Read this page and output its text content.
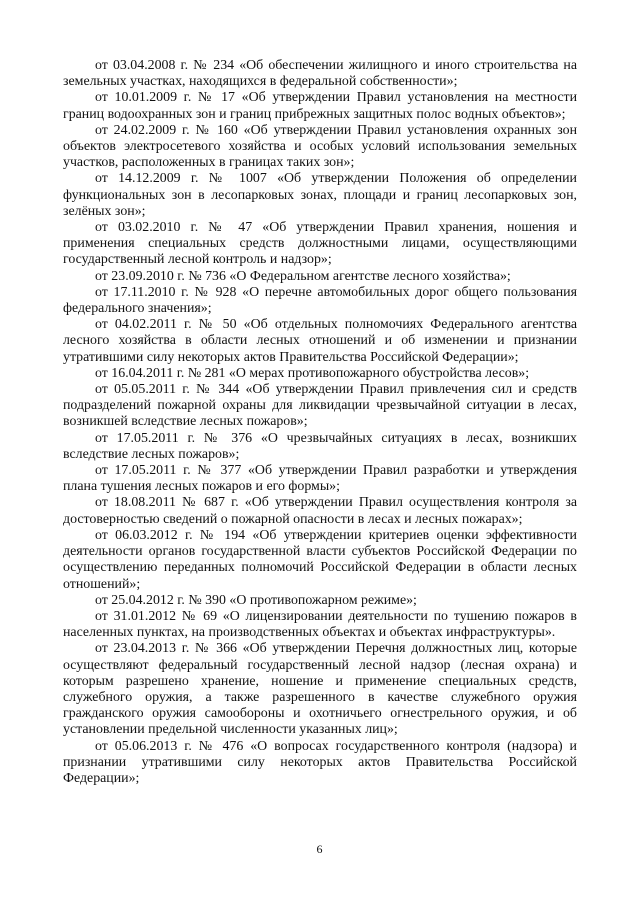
от 03.04.2008 г. № 234 «Об обеспечении жилищного и иного строительства на земельных участках, находящихся в федеральной собственности»;

от 10.01.2009 г. № 17 «Об утверждении Правил установления на местности границ водоохранных зон и границ прибрежных защитных полос водных объектов»;

от 24.02.2009 г. № 160 «Об утверждении Правил установления охранных зон объектов электросетевого хозяйства и особых условий использования земельных участков, расположенных в границах таких зон»;

от 14.12.2009 г. № 1007 «Об утверждении Положения об определении функциональных зон в лесопарковых зонах, площади и границ лесопарковых зон, зелёных зон»;

от 03.02.2010 г. № 47 «Об утверждении Правил хранения, ношения и применения специальных средств должностными лицами, осуществляющими государственный лесной контроль и надзор»;

от 23.09.2010 г. № 736 «О Федеральном агентстве лесного хозяйства»;

от 17.11.2010 г. № 928 «О перечне автомобильных дорог общего пользования федерального значения»;

от 04.02.2011 г. № 50 «Об отдельных полномочиях Федерального агентства лесного хозяйства в области лесных отношений и об изменении и признании утратившими силу некоторых актов Правительства Российской Федерации»;

от 16.04.2011 г. № 281 «О мерах противопожарного обустройства лесов»;

от 05.05.2011 г. № 344 «Об утверждении Правил привлечения сил и средств подразделений пожарной охраны для ликвидации чрезвычайной ситуации в лесах, возникшей вследствие лесных пожаров»;

от 17.05.2011 г. № 376 «О чрезвычайных ситуациях в лесах, возникших вследствие лесных пожаров»;

от 17.05.2011 г. № 377 «Об утверждении Правил разработки и утверждения плана тушения лесных пожаров и его формы»;

от 18.08.2011 № 687 г. «Об утверждении Правил осуществления контроля за достоверностью сведений о пожарной опасности в лесах и лесных пожарах»;

от 06.03.2012 г. № 194 «Об утверждении критериев оценки эффективности деятельности органов государственной власти субъектов Российской Федерации по осуществлению переданных полномочий Российской Федерации в области лесных отношений»;

от 25.04.2012 г. № 390 «О противопожарном режиме»;

от 31.01.2012 № 69 «О лицензировании деятельности по тушению пожаров в населенных пунктах, на производственных объектах и объектах инфраструктуры».

от 23.04.2013 г. № 366 «Об утверждении Перечня должностных лиц, которые осуществляют федеральный государственный лесной надзор (лесная охрана) и которым разрешено хранение, ношение и применение специальных средств, служебного оружия, а также разрешенного в качестве служебного оружия гражданского оружия самообороны и охотничьего огнестрельного оружия, и об установлении предельной численности указанных лиц»;

от 05.06.2013 г. № 476 «О вопросах государственного контроля (надзора) и признании утратившими силу некоторых актов Правительства Российской Федерации»;

6
